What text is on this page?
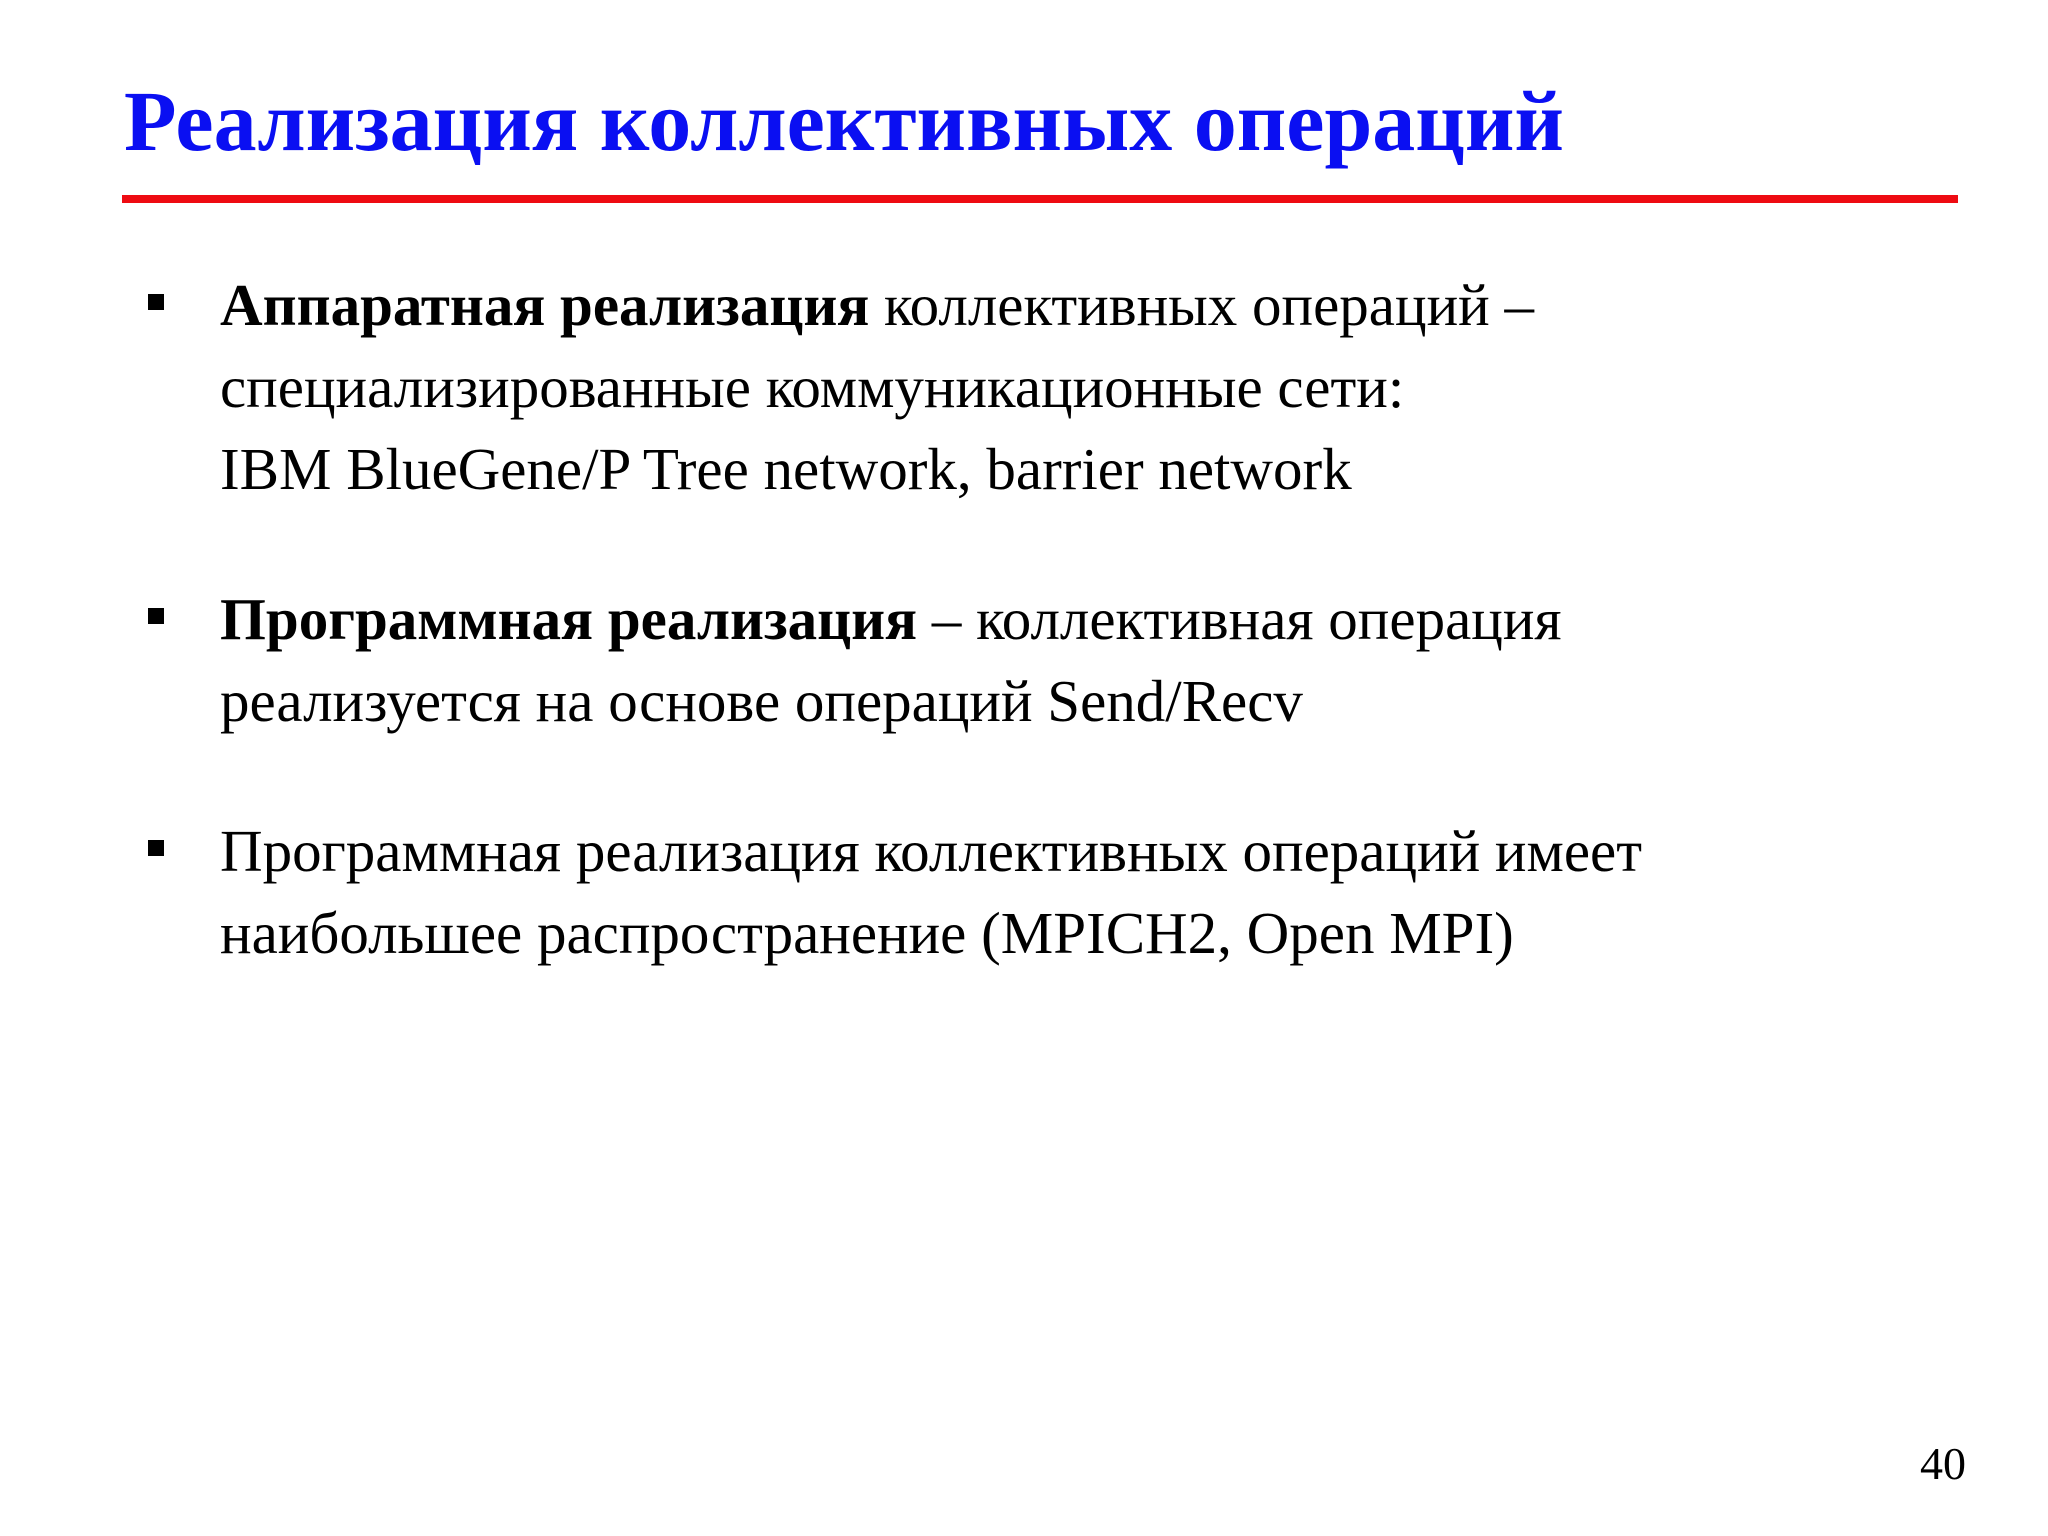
Реализация коллективных операций
Аппаратная реализация коллективных операций –
специализированные коммуникационные сети:
IBM BlueGene/P Tree network, barrier network
Программная реализация – коллективная операция
реализуется на основе операций Send/Recv
Программная реализация коллективных операций имеет
наибольшее распространение (MPICH2, Open MPI)
40
